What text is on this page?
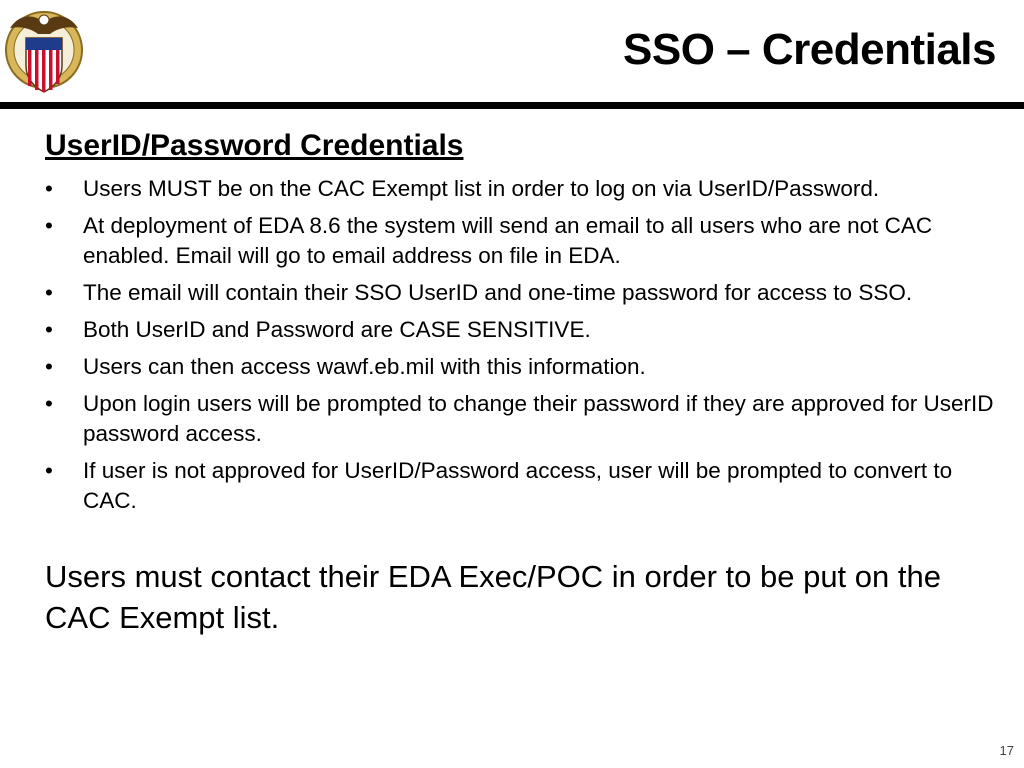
SSO – Credentials
UserID/Password Credentials
• Users MUST be on the CAC Exempt list in order to log on via UserID/Password.
• At deployment of EDA 8.6 the system will send an email to all users who are not CAC enabled. Email will go to email address on file in EDA.
• The email will contain their SSO UserID and one-time password for access to SSO.
• Both UserID and Password are CASE SENSITIVE.
• Users can then access wawf.eb.mil with this information.
• Upon login users will be prompted to change their password if they are approved for UserID password access.
• If user is not approved for UserID/Password access, user will be prompted to convert to CAC.
Users must contact their EDA Exec/POC in order to be put on the CAC Exempt list.
17
